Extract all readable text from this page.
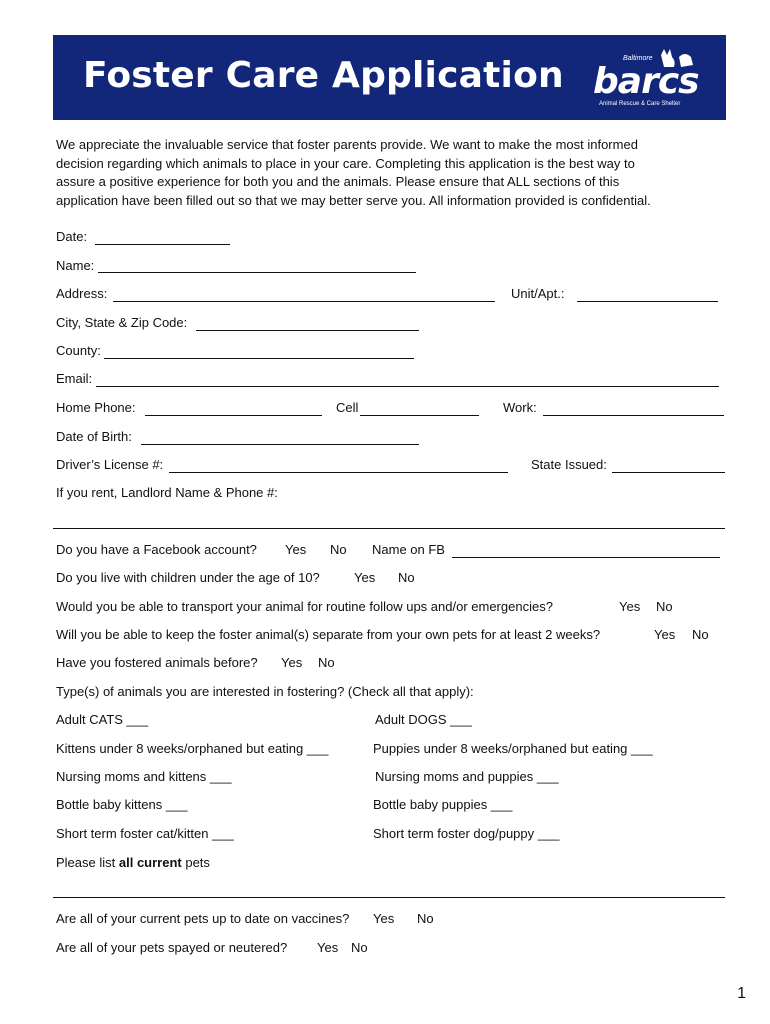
Foster Care Application	Baltimore
barcs
Animal Rescue & Care Shelter
We appreciate the invaluable service that foster parents provide. We want to make the most informed
decision regarding which animals to place in your care. Completing this application is the best way to
assure a positive experience for both you and the animals. Please ensure that ALL sections of this
application have been filled out so that we may better serve you. All information provided is confidential.
Date:
Name:
Address:	Unit/Apt.:
City, State & Zip Code:
County:
Email:
Home Phone:	Cell	Work:
Date of Birth:
Driver’s License #:	State Issued:
If you rent, Landlord Name & Phone #:
Do you have a Facebook account? Yes No Name on FB
Do you live with children under the age of 10?	Yes No
Would you be able to transport your animal for routine follow ups and/or emergencies?	Yes No
Will you be able to keep the foster animal(s) separate from your own pets for at least 2 weeks?	Yes No
Have you fostered animals before? Yes No
Type(s) of animals you are interested in fostering? (Check all that apply):
Adult CATS ___	Adult DOGS ___
Kittens under 8 weeks/orphaned but eating ___	Puppies under 8 weeks/orphaned but eating ___
Nursing moms and kittens ___	Nursing moms and puppies ___
Bottle baby kittens ___	Bottle baby puppies ___
Short term foster cat/kitten ___	Short term foster dog/puppy ___
Please list all current pets
Are all of your current pets up to date on vaccines? Yes No
Are all of your pets spayed or neutered? Yes No
1
